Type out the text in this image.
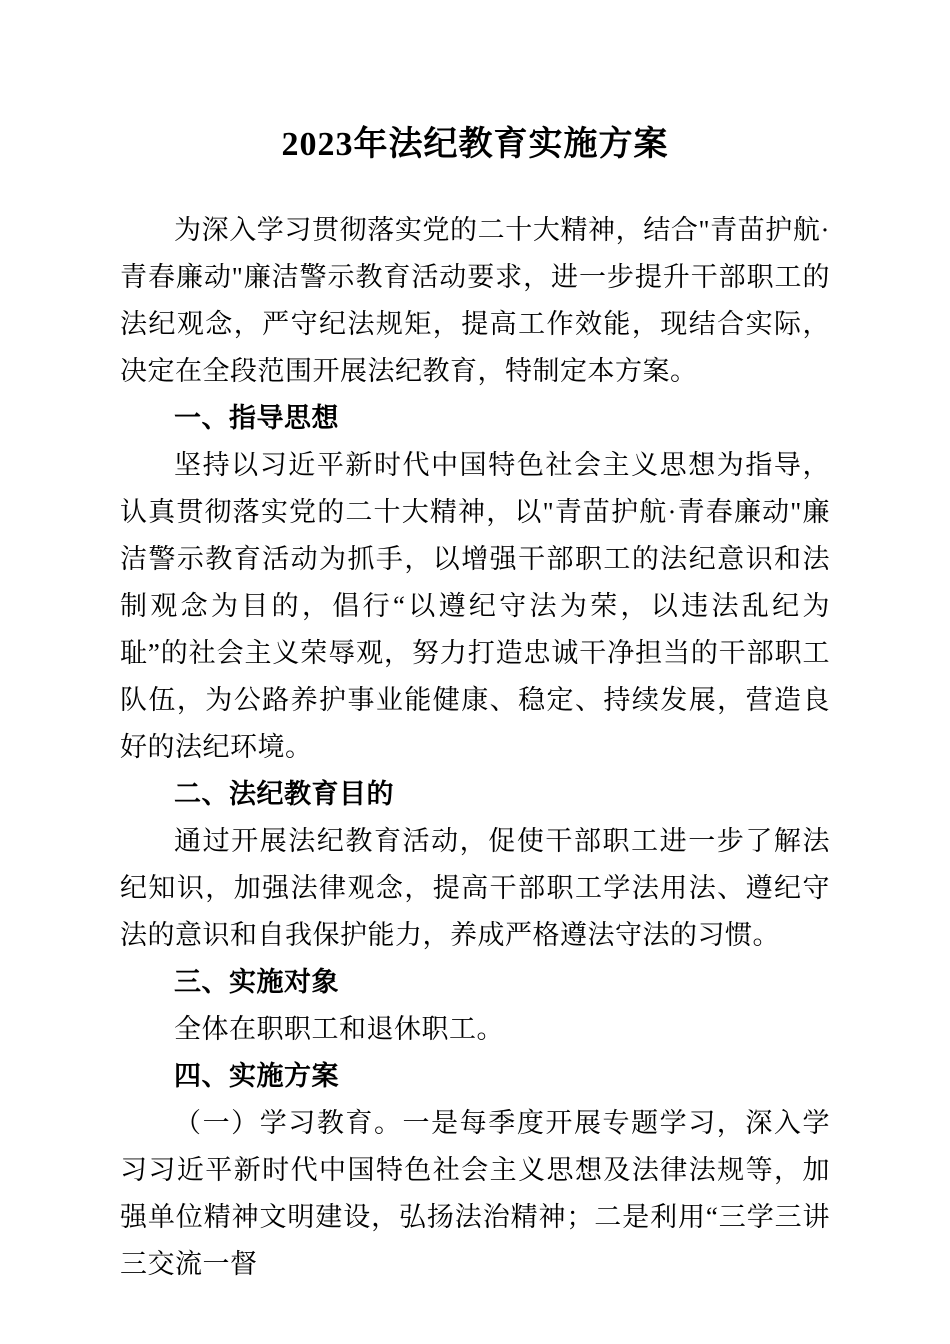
2023年法纪教育实施方案

为深入学习贯彻落实党的二十大精神，结合"青苗护航·青春廉动"廉洁警示教育活动要求，进一步提升干部职工的法纪观念，严守纪法规矩，提高工作效能，现结合实际，决定在全段范围开展法纪教育，特制定本方案。

一、指导思想

坚持以习近平新时代中国特色社会主义思想为指导，认真贯彻落实党的二十大精神，以"青苗护航·青春廉动"廉洁警示教育活动为抓手，以增强干部职工的法纪意识和法制观念为目的，倡行“以遵纪守法为荣，以违法乱纪为耻”的社会主义荣辱观，努力打造忠诚干净担当的干部职工队伍，为公路养护事业能健康、稳定、持续发展，营造良好的法纪环境。

二、法纪教育目的

通过开展法纪教育活动，促使干部职工进一步了解法纪知识，加强法律观念，提高干部职工学法用法、遵纪守法的意识和自我保护能力，养成严格遵法守法的习惯。

三、实施对象

全体在职职工和退休职工。

四、实施方案

（一）学习教育。一是每季度开展专题学习，深入学习习近平新时代中国特色社会主义思想及法律法规等，加强单位精神文明建设，弘扬法治精神；二是利用“三学三讲三交流一督
